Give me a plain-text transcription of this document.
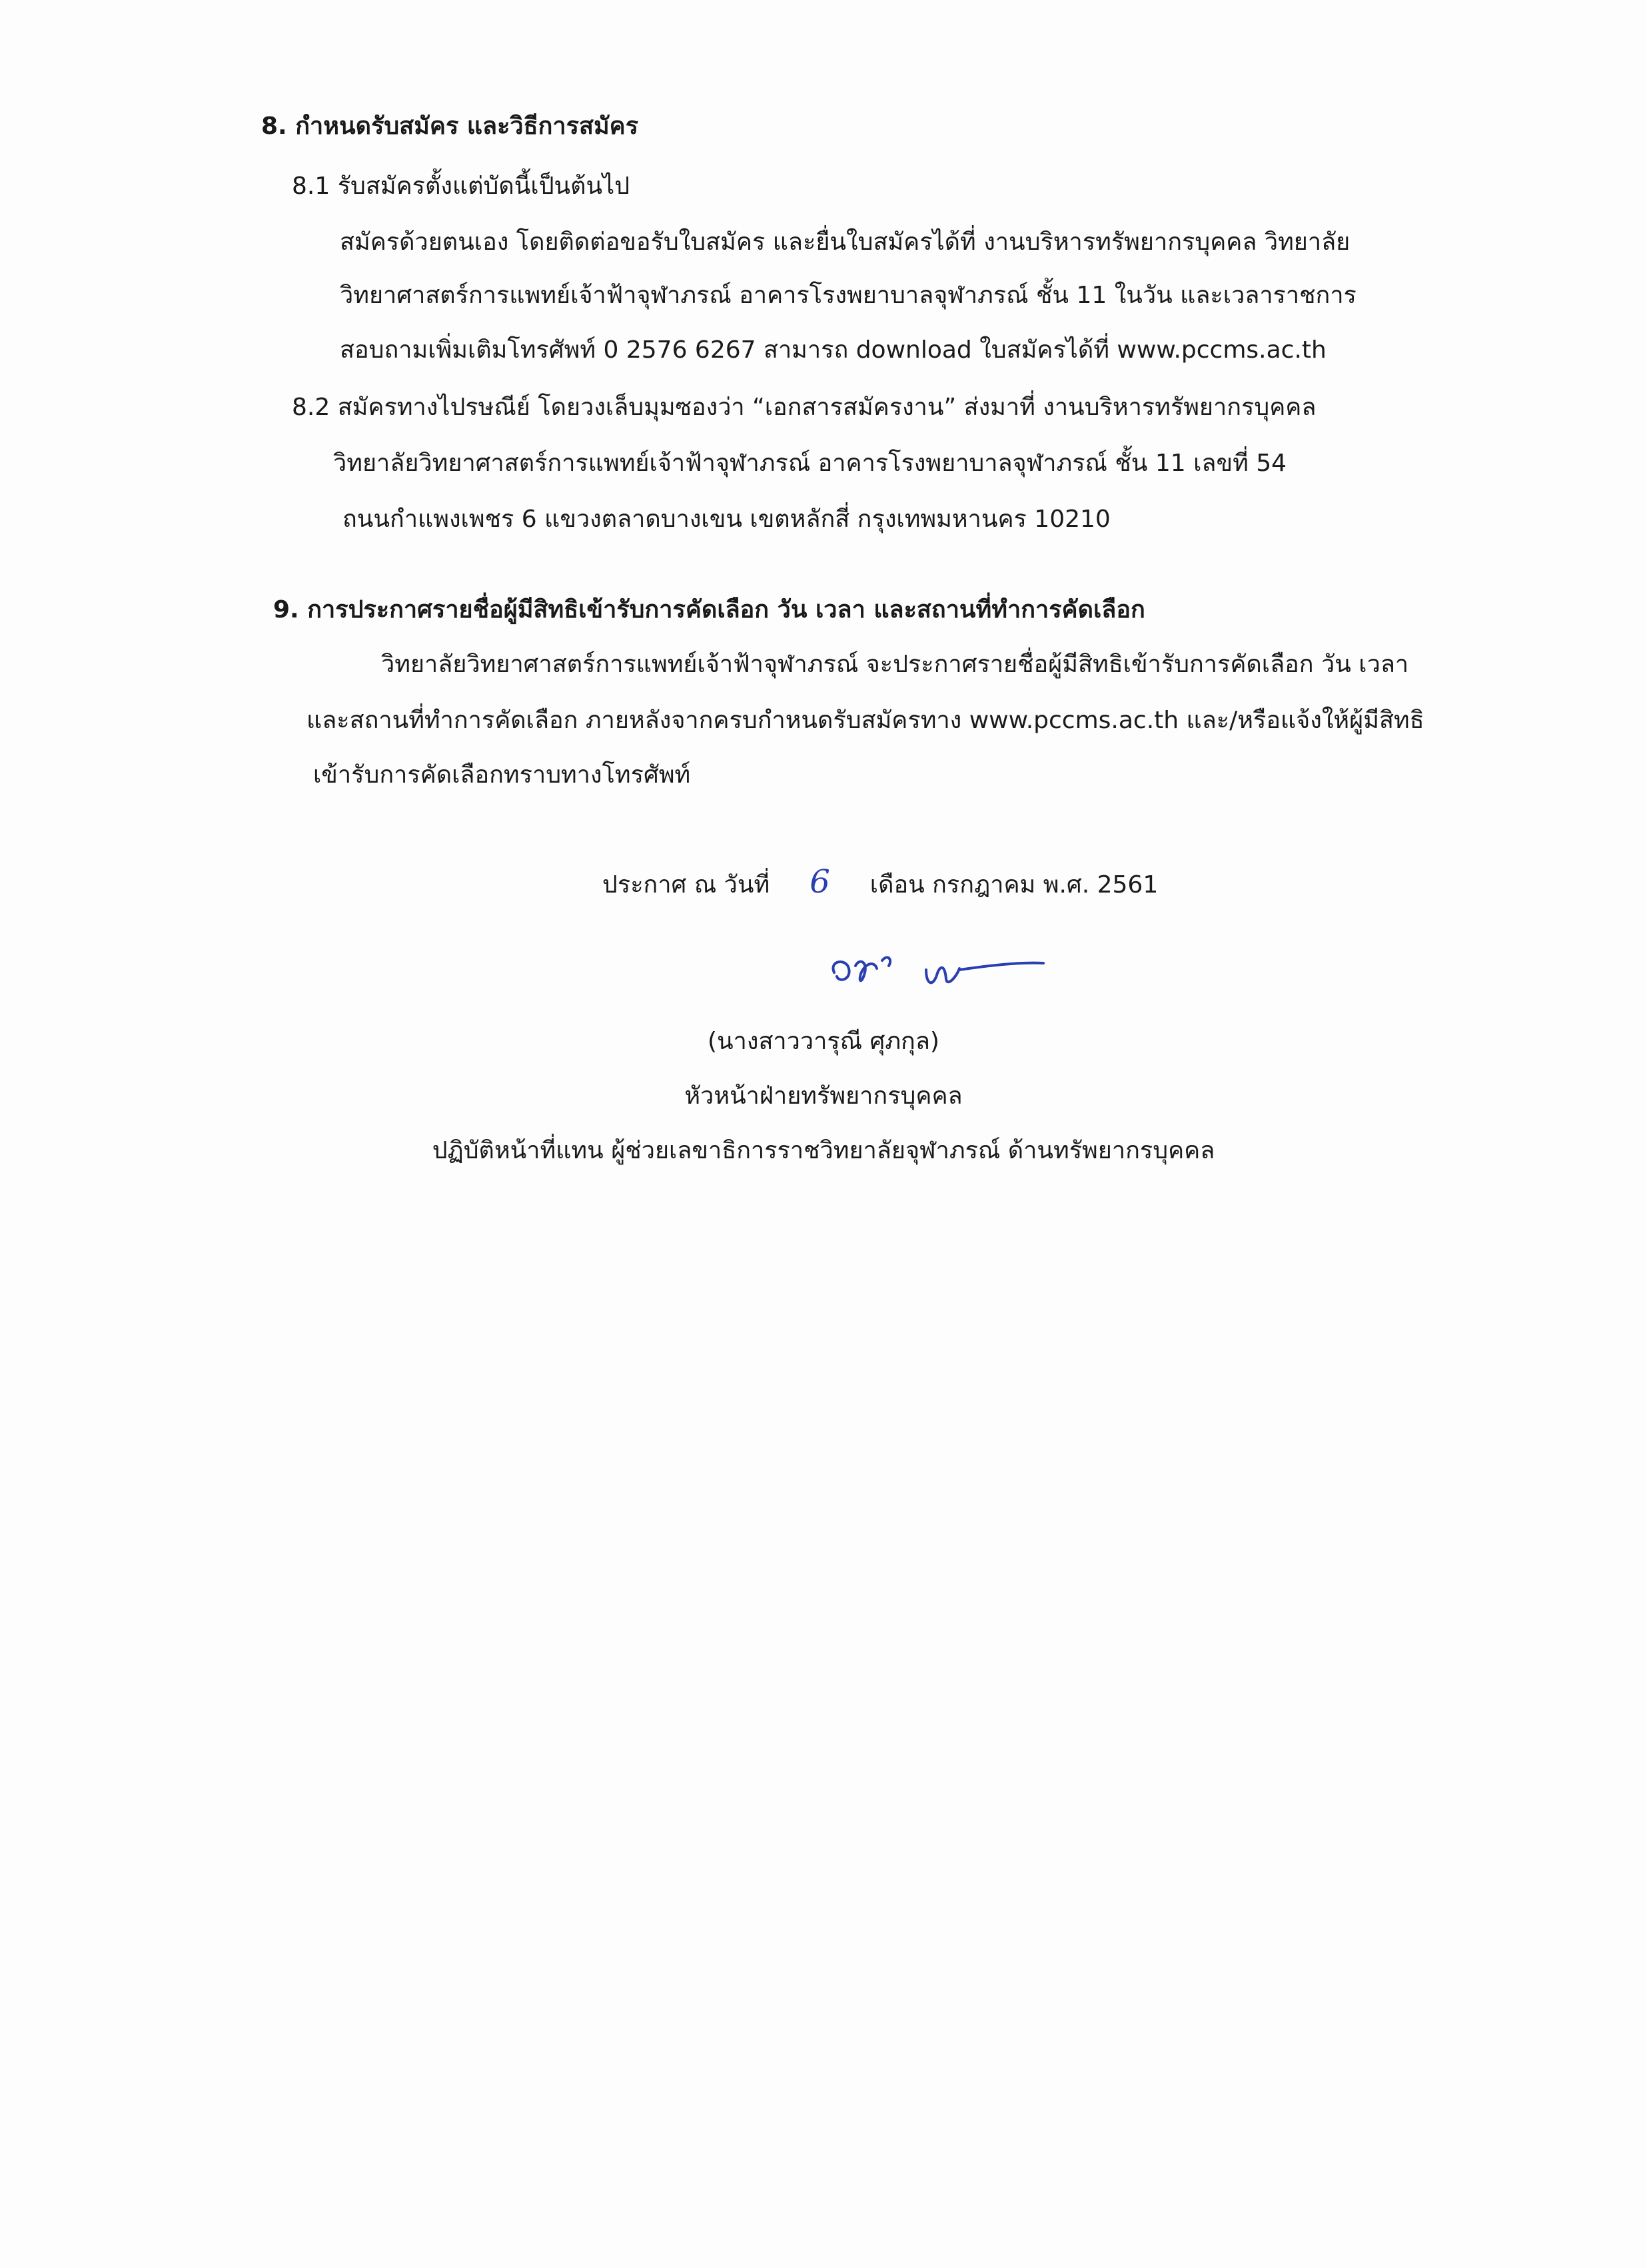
8. กำหนดรับสมัคร และวิธีการสมัคร
8.1 รับสมัครตั้งแต่บัดนี้เป็นต้นไป
สมัครด้วยตนเอง โดยติดต่อขอรับใบสมัคร และยื่นใบสมัครได้ที่ งานบริหารทรัพยากรบุคคล วิทยาลัย
วิทยาศาสตร์การแพทย์เจ้าฟ้าจุฬาภรณ์ อาคารโรงพยาบาลจุฬาภรณ์ ชั้น 11 ในวัน และเวลาราชการ
สอบถามเพิ่มเติมโทรศัพท์ 0 2576 6267 สามารถ download ใบสมัครได้ที่ www.pccms.ac.th
8.2 สมัครทางไปรษณีย์ โดยวงเล็บมุมซองว่า “เอกสารสมัครงาน” ส่งมาที่ งานบริหารทรัพยากรบุคคล
วิทยาลัยวิทยาศาสตร์การแพทย์เจ้าฟ้าจุฬาภรณ์ อาคารโรงพยาบาลจุฬาภรณ์ ชั้น 11 เลขที่ 54
ถนนกำแพงเพชร 6 แขวงตลาดบางเขน เขตหลักสี่ กรุงเทพมหานคร 10210
9. การประกาศรายชื่อผู้มีสิทธิเข้ารับการคัดเลือก วัน เวลา และสถานที่ทำการคัดเลือก
วิทยาลัยวิทยาศาสตร์การแพทย์เจ้าฟ้าจุฬาภรณ์ จะประกาศรายชื่อผู้มีสิทธิเข้ารับการคัดเลือก วัน เวลา
และสถานที่ทำการคัดเลือก ภายหลังจากครบกำหนดรับสมัครทาง www.pccms.ac.th และ/หรือแจ้งให้ผู้มีสิทธิ
เข้ารับการคัดเลือกทราบทางโทรศัพท์
ประกาศ ณ วันที่ 6 เดือน กรกฎาคม พ.ศ. 2561
(นางสาววารุณี ศุภกุล)
หัวหน้าฝ่ายทรัพยากรบุคคล
ปฏิบัติหน้าที่แทน ผู้ช่วยเลขาธิการราชวิทยาลัยจุฬาภรณ์ ด้านทรัพยากรบุคคล
